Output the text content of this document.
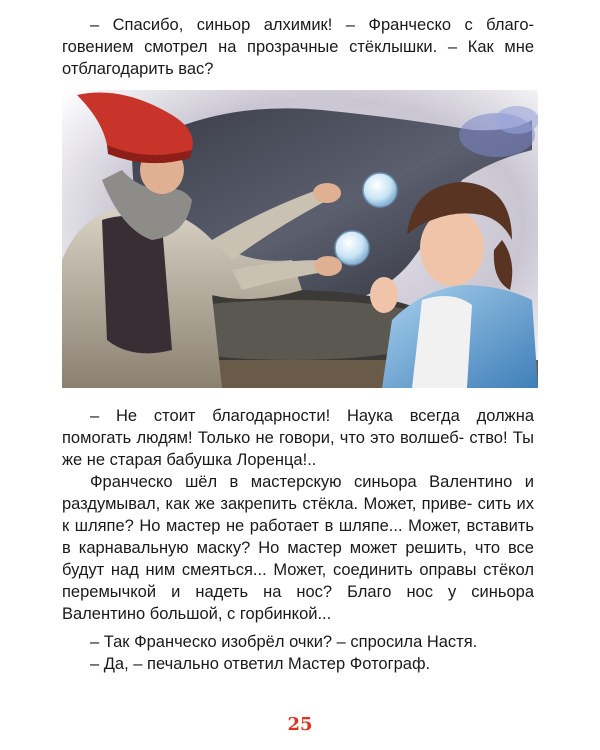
– Спасибо, синьор алхимик! – Франческо с благо- говением смотрел на прозрачные стёклышки. – Как мне отблагодарить вас?

– Не стоит благодарности! Наука всегда должна помогать людям! Только не говори, что это волшеб- ство! Ты же не старая бабушка Лоренца!..

Франческо шёл в мастерскую синьора Валентино и раздумывал, как же закрепить стёкла. Может, приве- сить их к шляпе? Но мастер не работает в шляпе... Может, вставить в карнавальную маску? Но мастер может решить, что все будут над ним смеяться... Может, соединить оправы стёкол перемычкой и надеть на нос? Благо нос у синьора Валентино большой, с горбинкой...

– Так Франческо изобрёл очки? – спросила Настя.

– Да, – печально ответил Мастер Фотограф.

25
